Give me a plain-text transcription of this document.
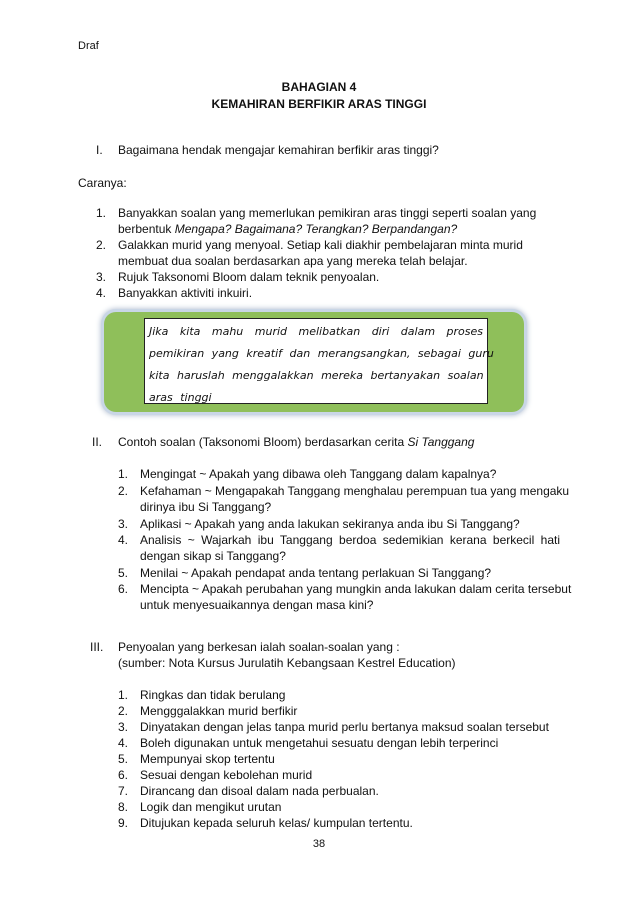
Draf
BAHAGIAN 4
KEMAHIRAN BERFIKIR ARAS TINGGI
I. Bagaimana hendak mengajar kemahiran berfikir aras tinggi?
Caranya:
1. Banyakkan soalan yang memerlukan pemikiran aras tinggi seperti soalan yang
berbentuk Mengapa? Bagaimana? Terangkan? Berpandangan?
2. Galakkan murid yang menyoal. Setiap kali diakhir pembelajaran minta murid
membuat dua soalan berdasarkan apa yang mereka telah belajar.
3. Rujuk Taksonomi Bloom dalam teknik penyoalan.
4. Banyakkan aktiviti inkuiri.
Jika kita mahu murid melibatkan diri dalam proses
pemikiran yang kreatif dan merangsangkan, sebagai guru
kita haruslah menggalakkan mereka bertanyakan soalan
aras tinggi
II. Contoh soalan (Taksonomi Bloom) berdasarkan cerita Si Tanggang
1. Mengingat ~ Apakah yang dibawa oleh Tanggang dalam kapalnya?
2. Kefahaman ~ Mengapakah Tanggang menghalau perempuan tua yang mengaku
dirinya ibu Si Tanggang?
3. Aplikasi ~ Apakah yang anda lakukan sekiranya anda ibu Si Tanggang?
4. Analisis ~ Wajarkah ibu Tanggang berdoa sedemikian kerana berkecil hati
dengan sikap si Tanggang?
5. Menilai ~ Apakah pendapat anda tentang perlakuan Si Tanggang?
6. Mencipta ~ Apakah perubahan yang mungkin anda lakukan dalam cerita tersebut
untuk menyesuaikannya dengan masa kini?
III. Penyoalan yang berkesan ialah soalan-soalan yang :
(sumber: Nota Kursus Jurulatih Kebangsaan Kestrel Education)
1. Ringkas dan tidak berulang
2. Mengggalakkan murid berfikir
3. Dinyatakan dengan jelas tanpa murid perlu bertanya maksud soalan tersebut
4. Boleh digunakan untuk mengetahui sesuatu dengan lebih terperinci
5. Mempunyai skop tertentu
6. Sesuai dengan kebolehan murid
7. Dirancang dan disoal dalam nada perbualan.
8. Logik dan mengikut urutan
9. Ditujukan kepada seluruh kelas/ kumpulan tertentu.
38
